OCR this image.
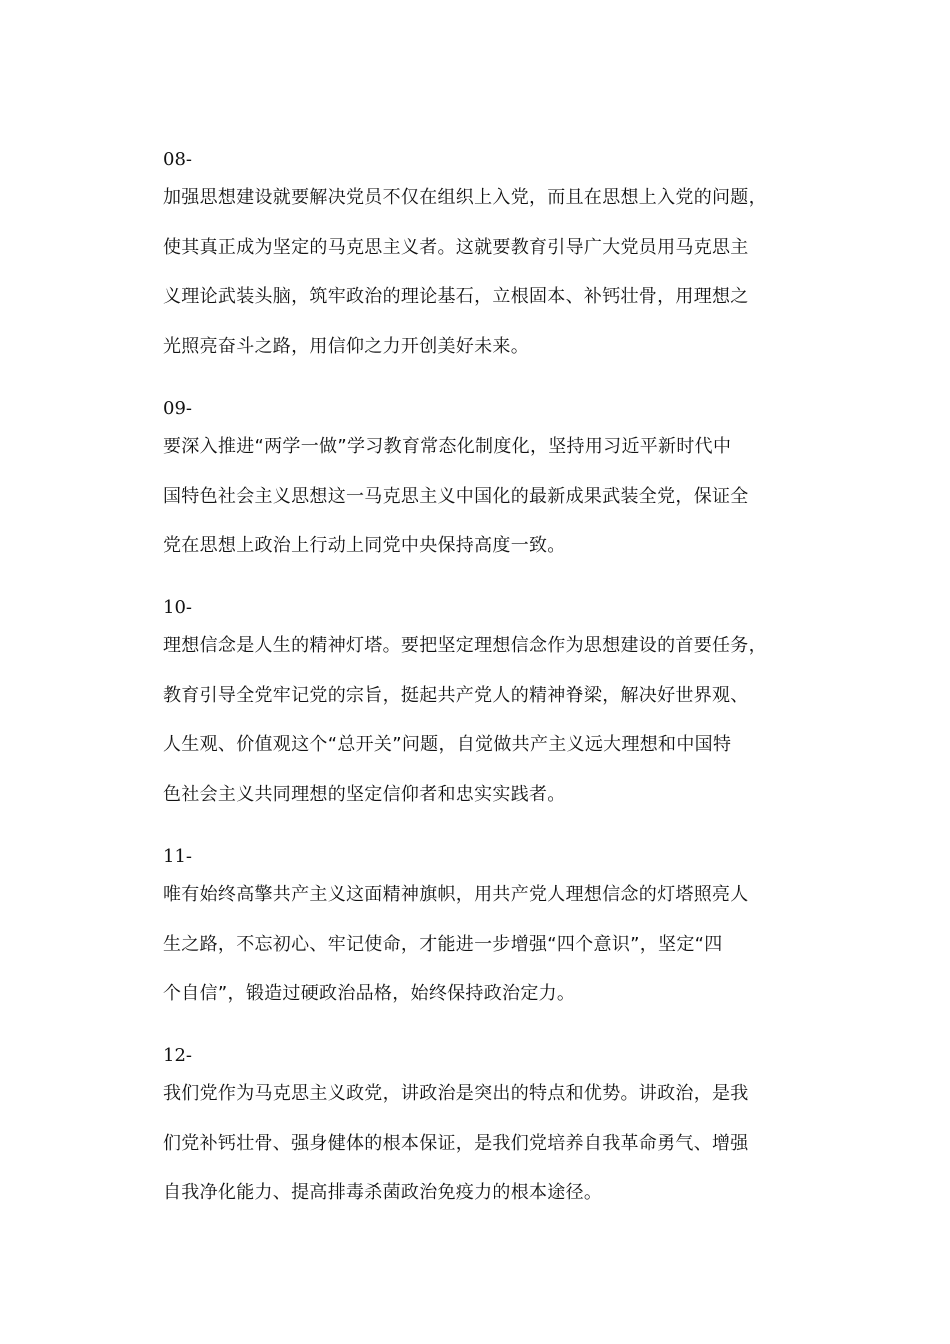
08-
加强思想建设就要解决党员不仅在组织上入党，而且在思想上入党的问题，
使其真正成为坚定的马克思主义者。这就要教育引导广大党员用马克思主
义理论武装头脑，筑牢政治的理论基石，立根固本、补钙壮骨，用理想之
光照亮奋斗之路，用信仰之力开创美好未来。
09-
要深入推进“两学一做”学习教育常态化制度化，坚持用习近平新时代中
国特色社会主义思想这一马克思主义中国化的最新成果武装全党，保证全
党在思想上政治上行动上同党中央保持高度一致。
10-
理想信念是人生的精神灯塔。要把坚定理想信念作为思想建设的首要任务，
教育引导全党牢记党的宗旨，挺起共产党人的精神脊梁，解决好世界观、
人生观、价值观这个“总开关”问题，自觉做共产主义远大理想和中国特
色社会主义共同理想的坚定信仰者和忠实实践者。
11-
唯有始终高擎共产主义这面精神旗帜，用共产党人理想信念的灯塔照亮人
生之路，不忘初心、牢记使命，才能进一步增强“四个意识”，坚定“四
个自信”，锻造过硬政治品格，始终保持政治定力。
12-
我们党作为马克思主义政党，讲政治是突出的特点和优势。讲政治，是我
们党补钙壮骨、强身健体的根本保证，是我们党培养自我革命勇气、增强
自我净化能力、提高排毒杀菌政治免疫力的根本途径。
